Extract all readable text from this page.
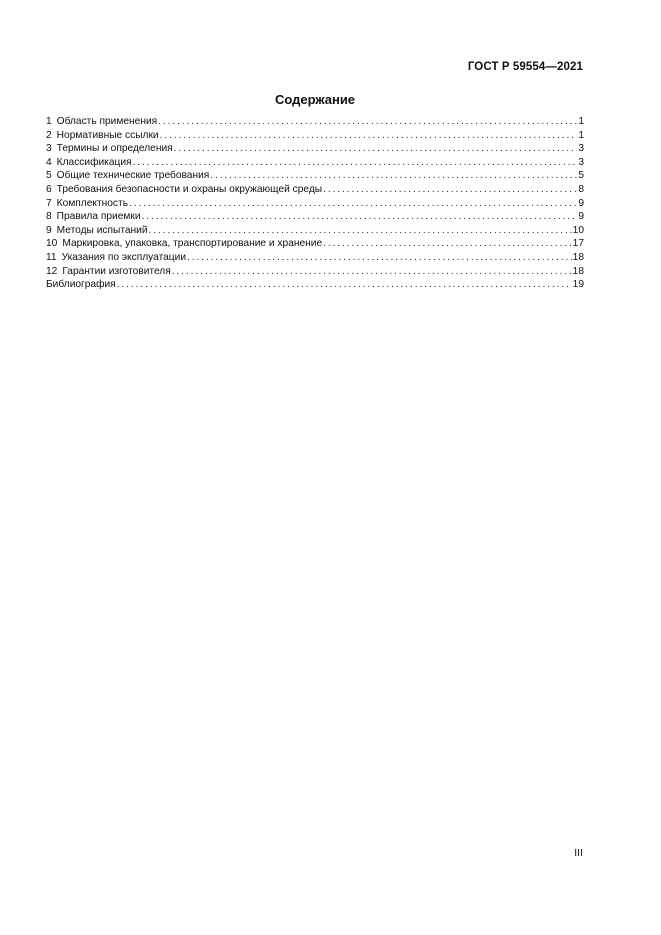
ГОСТ Р 59554—2021
Содержание
1 Область применения .....	1
2 Нормативные ссылки .....	1
3 Термины и определения .....	3
4 Классификация .....	3
5 Общие технические требования .....	5
6 Требования безопасности и охраны окружающей среды .....	8
7 Комплектность .....	9
8 Правила приемки .....	9
9 Методы испытаний .....	10
10 Маркировка, упаковка, транспортирование и хранение .....	17
11 Указания по эксплуатации .....	18
12 Гарантии изготовителя .....	18
Библиография .....	19
III
